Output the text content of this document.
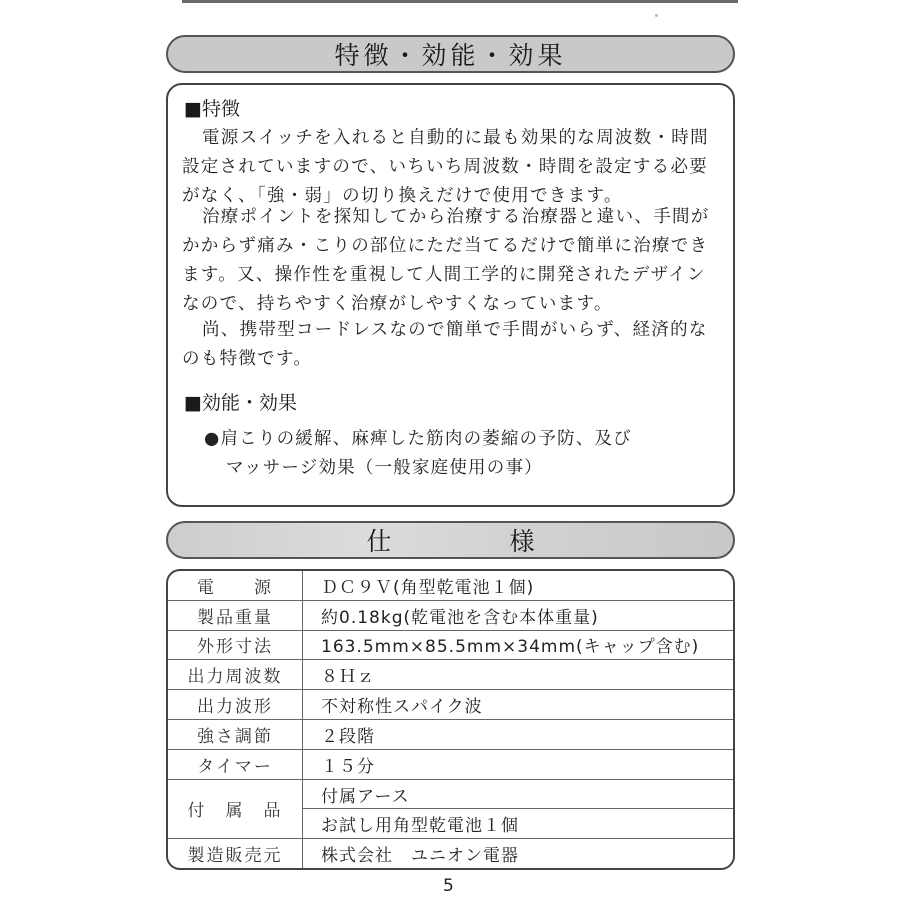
特徴・効能・効果
■特徴
電源スイッチを入れると自動的に最も効果的な周波数・時間
設定されていますので、いちいち周波数・時間を設定する必要
がなく、「強・弱」の切り換えだけで使用できます。
治療ポイントを探知してから治療する治療器と違い、手間が
かからず痛み・こりの部位にただ当てるだけで簡単に治療でき
ます。又、操作性を重視して人間工学的に開発されたデザイン
なので、持ちやすく治療がしやすくなっています。
尚、携帯型コードレスなので簡単で手間がいらず、経済的な
のも特徴です。
■効能・効果
●肩こりの緩解、麻痺した筋肉の萎縮の予防、及び
マッサージ効果（一般家庭使用の事）
仕様
電　　源	ＤＣ９Ｖ(角型乾電池１個)
製品重量	約0.18kg(乾電池を含む本体重量)
外形寸法	163.5mm×85.5mm×34mm(キャップ含む)
出力周波数	８Ｈｚ
出力波形	不対称性スパイク波
強さ調節	２段階
タイマー	１５分
付　属　品	付属アース
	お試し用角型乾電池１個
製造販売元	株式会社　ユニオン電器
5
